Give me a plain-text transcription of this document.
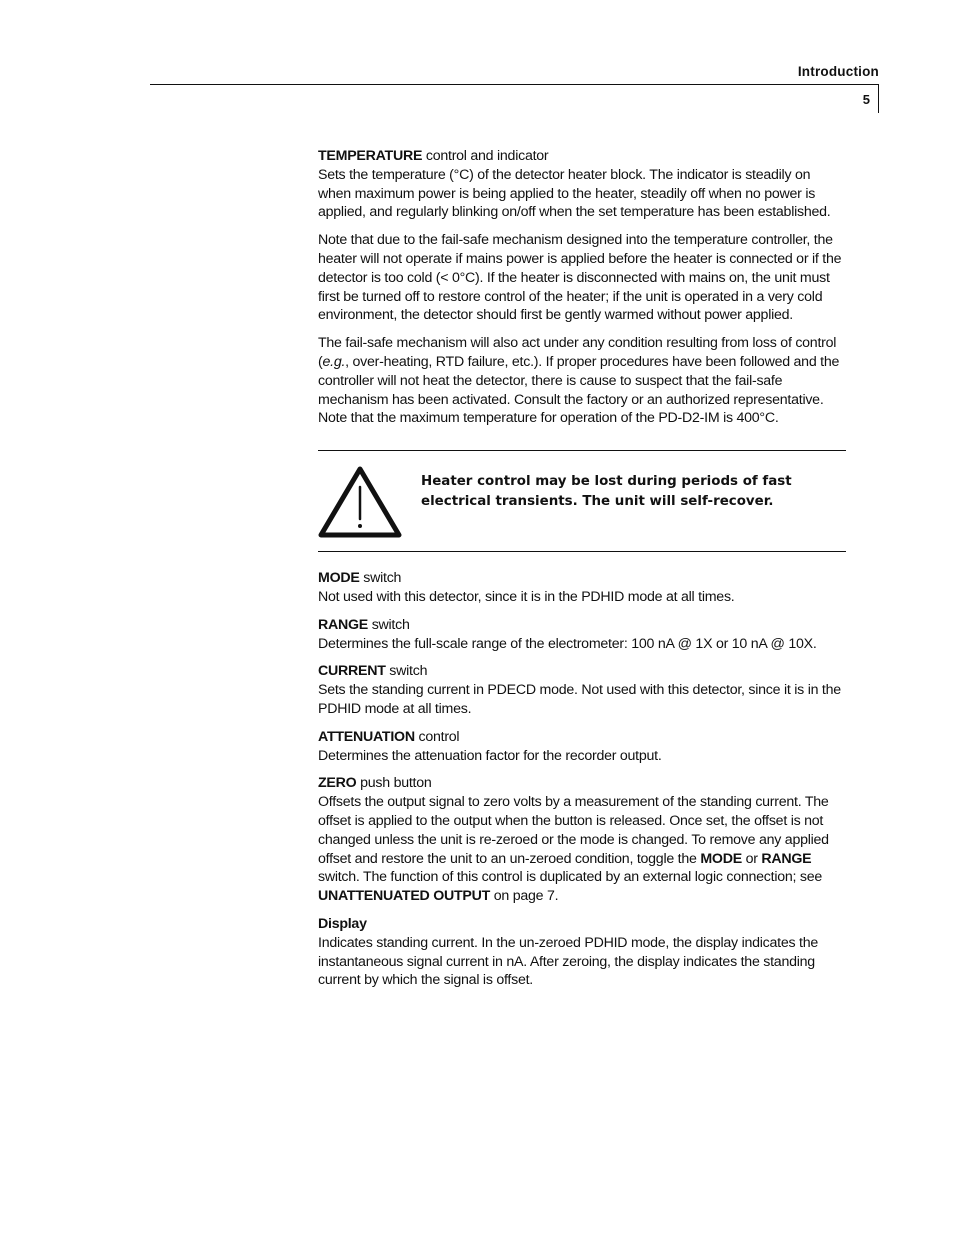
Introduction
5

TEMPERATURE control and indicator
Sets the temperature (°C) of the detector heater block. The indicator is steadily on when maximum power is being applied to the heater, steadily off when no power is applied, and regularly blinking on/off when the set temperature has been established.

Note that due to the fail-safe mechanism designed into the temperature controller, the heater will not operate if mains power is applied before the heater is connected or if the detector is too cold (< 0°C). If the heater is disconnected with mains on, the unit must first be turned off to restore control of the heater; if the unit is operated in a very cold environment, the detector should first be gently warmed without power applied.

The fail-safe mechanism will also act under any condition resulting from loss of control (e.g., over-heating, RTD failure, etc.). If proper procedures have been followed and the controller will not heat the detector, there is cause to suspect that the fail-safe mechanism has been activated. Consult the factory or an authorized representative. Note that the maximum temperature for operation of the PD-D2-IM is 400°C.

Heater control may be lost during periods of fast electrical transients. The unit will self-recover.

MODE switch
Not used with this detector, since it is in the PDHID mode at all times.

RANGE switch
Determines the full-scale range of the electrometer: 100 nA @ 1X or 10 nA @ 10X.

CURRENT switch
Sets the standing current in PDECD mode. Not used with this detector, since it is in the PDHID mode at all times.

ATTENUATION control
Determines the attenuation factor for the recorder output.

ZERO push button
Offsets the output signal to zero volts by a measurement of the standing current. The offset is applied to the output when the button is released. Once set, the offset is not changed unless the unit is re-zeroed or the mode is changed. To remove any applied offset and restore the unit to an un-zeroed condition, toggle the MODE or RANGE switch. The function of this control is duplicated by an external logic connection; see UNATTENUATED OUTPUT on page 7.

Display
Indicates standing current. In the un-zeroed PDHID mode, the display indicates the instantaneous signal current in nA. After zeroing, the display indicates the standing current by which the signal is offset.
